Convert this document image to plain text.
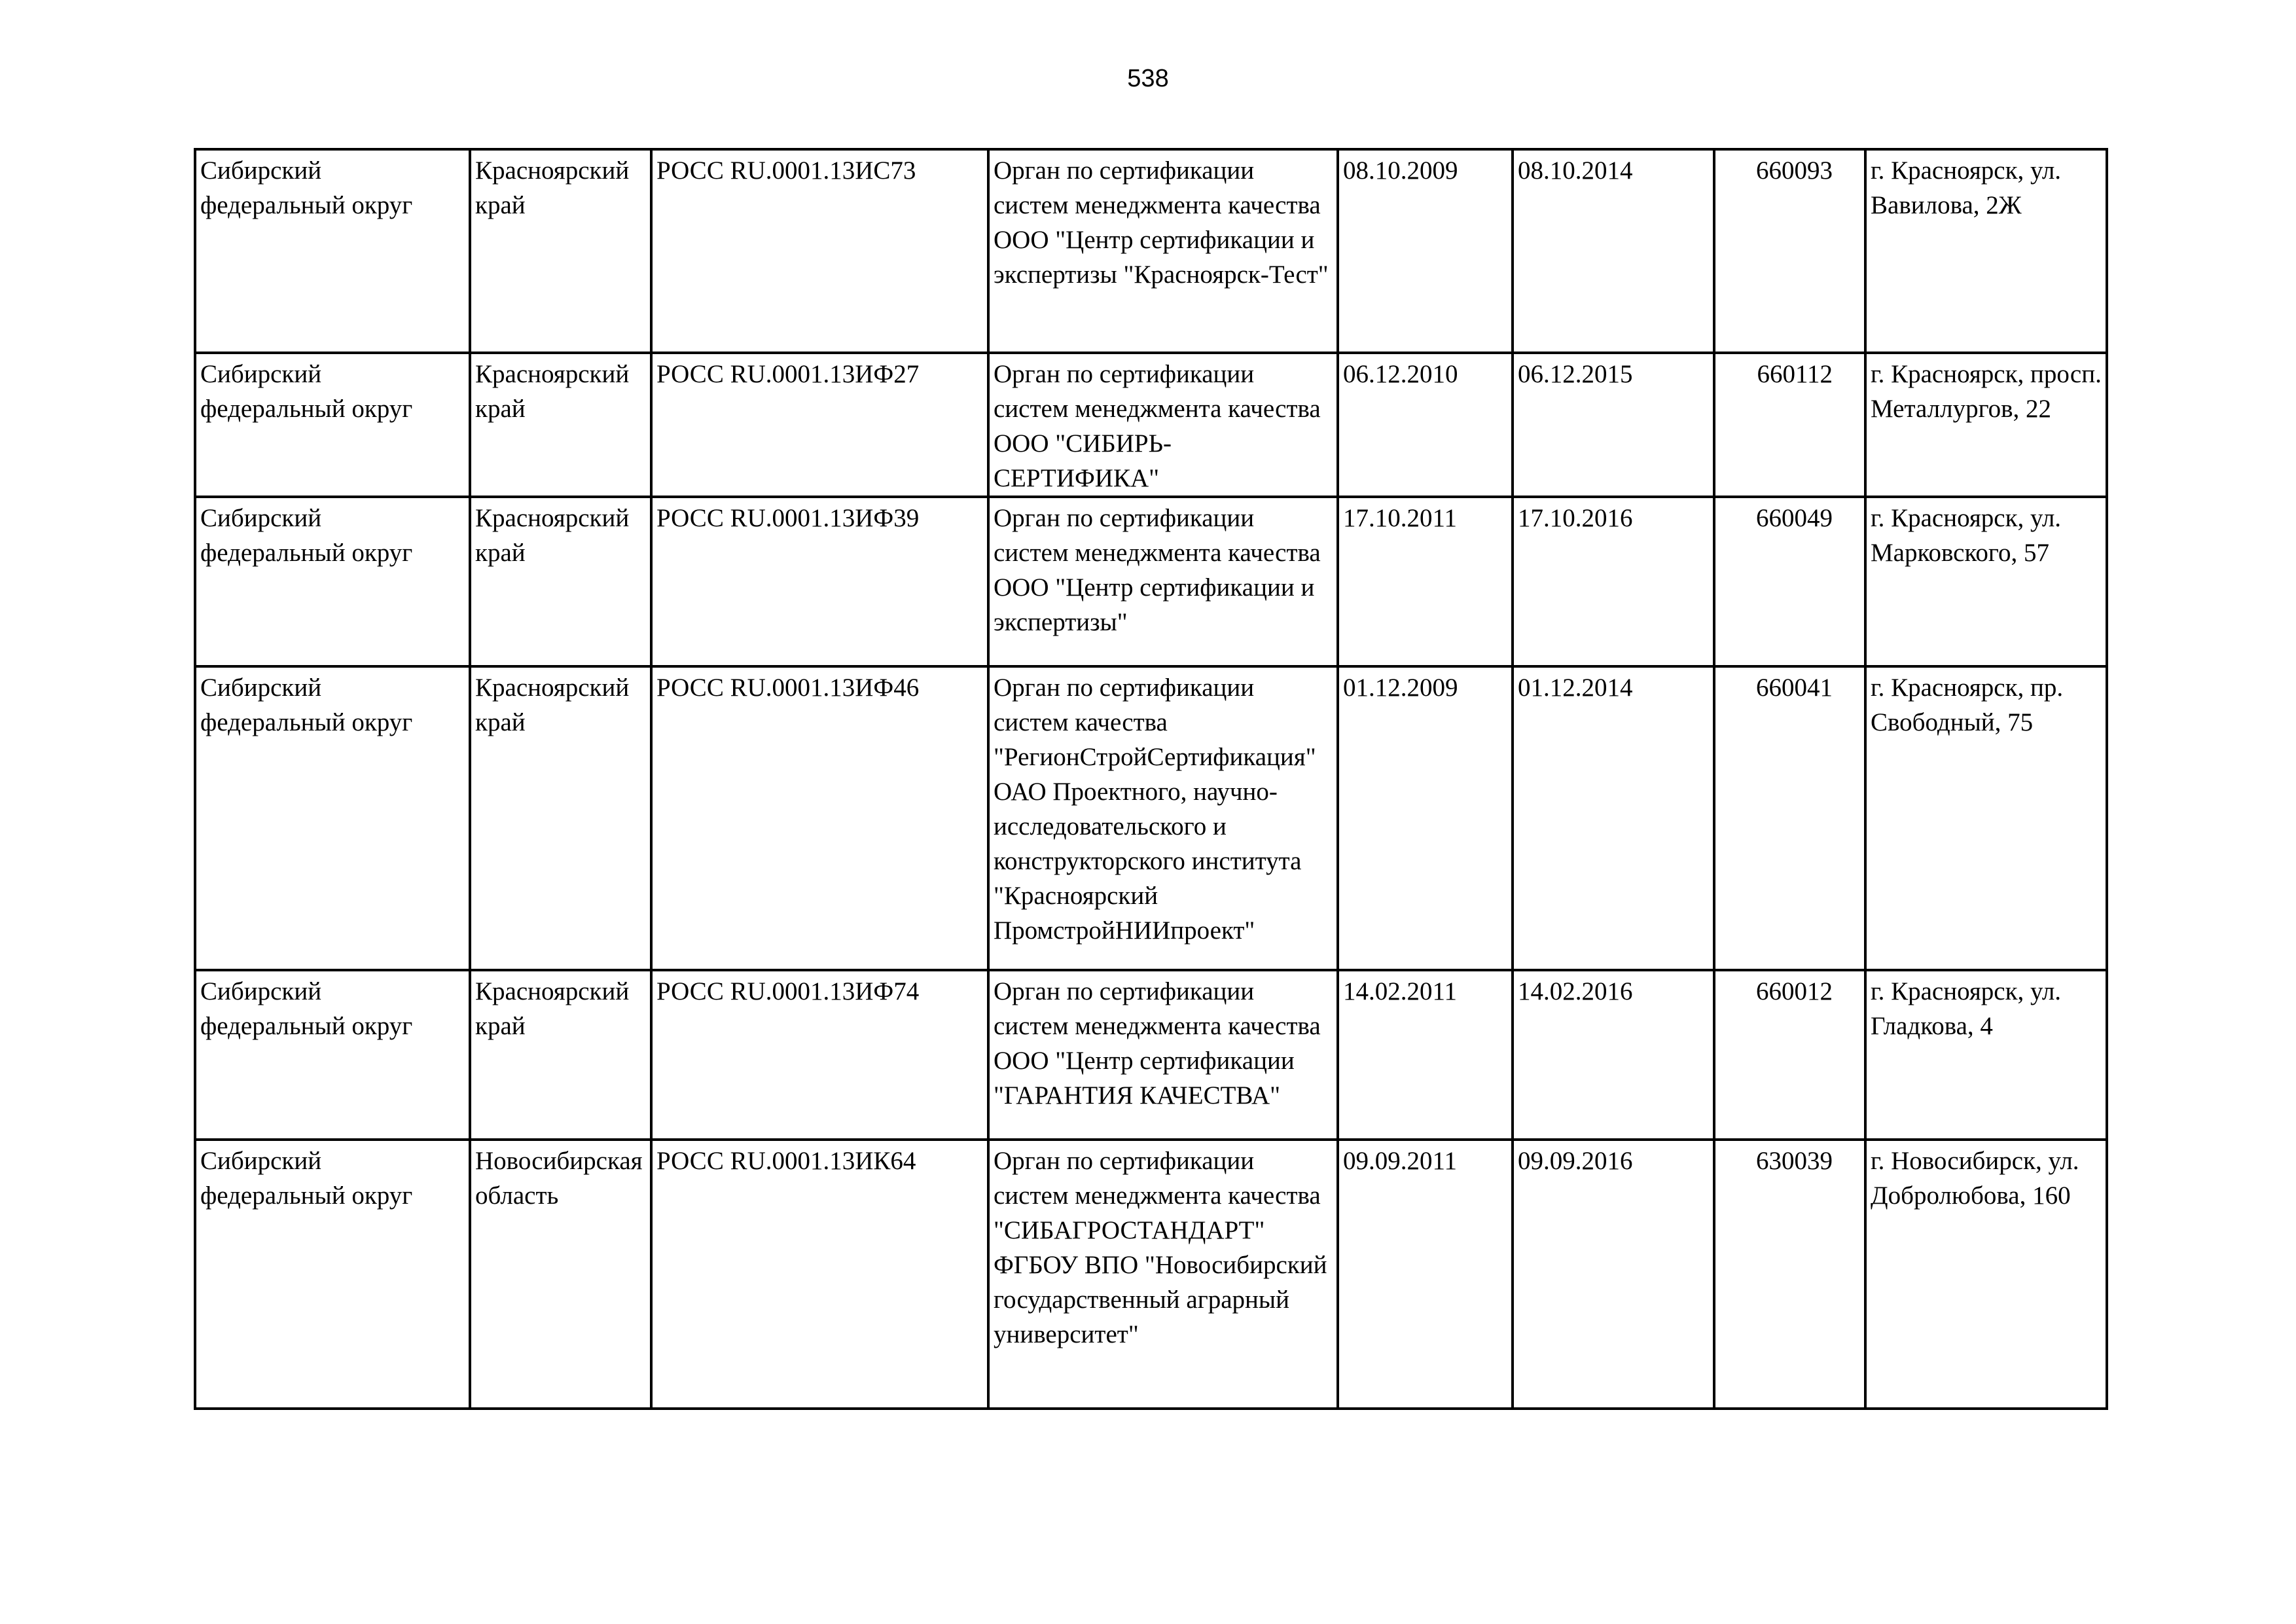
538
Сибирский федеральный округ	Красноярский край	РОСС RU.0001.13ИС73	Орган по сертификации систем менеджмента качества ООО "Центр сертификации и экспертизы "Красноярск-Тест"	08.10.2009	08.10.2014	660093	г. Красноярск, ул. Вавилова, 2Ж
Сибирский федеральный округ	Красноярский край	РОСС RU.0001.13ИФ27	Орган по сертификации систем менеджмента качества ООО "СИБИРЬ-СЕРТИФИКА"	06.12.2010	06.12.2015	660112	г. Красноярск, просп. Металлургов, 22
Сибирский федеральный округ	Красноярский край	РОСС RU.0001.13ИФ39	Орган по сертификации систем менеджмента качества ООО "Центр сертификации и экспертизы"	17.10.2011	17.10.2016	660049	г. Красноярск, ул. Марковского, 57
Сибирский федеральный округ	Красноярский край	РОСС RU.0001.13ИФ46	Орган по сертификации систем качества "РегионСтройСертификация" ОАО Проектного, научно-исследовательского и конструкторского института "Красноярский ПромстройНИИпроект"	01.12.2009	01.12.2014	660041	г. Красноярск, пр. Свободный, 75
Сибирский федеральный округ	Красноярский край	РОСС RU.0001.13ИФ74	Орган по сертификации систем менеджмента качества ООО "Центр сертификации "ГАРАНТИЯ КАЧЕСТВА"	14.02.2011	14.02.2016	660012	г. Красноярск, ул. Гладкова, 4
Сибирский федеральный округ	Новосибирская область	РОСС RU.0001.13ИК64	Орган по сертификации систем менеджмента качества "СИБАГРОСТАНДАРТ" ФГБОУ ВПО "Новосибирский государственный аграрный университет"	09.09.2011	09.09.2016	630039	г. Новосибирск, ул. Добролюбова, 160
